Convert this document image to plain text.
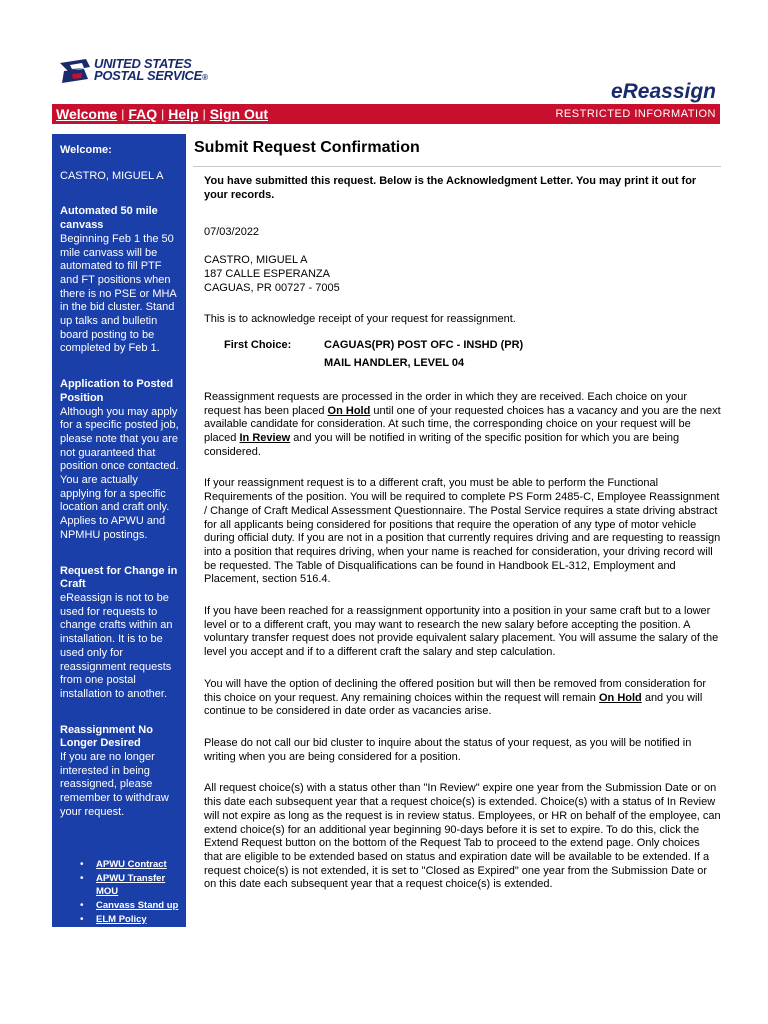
UNITED STATES
POSTAL SERVICE®
eReassign
Welcome | FAQ | Help | Sign Out	RESTRICTED INFORMATION
Welcome:
CASTRO, MIGUEL A
Automated 50 mile canvass
Beginning Feb 1 the 50 mile canvass will be automated to fill PTF and FT positions when there is no PSE or MHA in the bid cluster. Stand up talks and bulletin board posting to be completed by Feb 1.
Application to Posted Position
Although you may apply for a specific posted job, please note that you are not guaranteed that position once contacted. You are actually applying for a specific location and craft only. Applies to APWU and NPMHU postings.
Request for Change in Craft
eReassign is not to be used for requests to change crafts within an installation. It is to be used only for reassignment requests from one postal installation to another.
Reassignment No Longer Desired
If you are no longer interested in being reassigned, please remember to withdraw your request.
• APWU Contract
• APWU Transfer MOU
• Canvass Stand up
• ELM Policy
Submit Request Confirmation

You have submitted this request. Below is the Acknowledgment Letter. You may print it out for your records.

07/03/2022
CASTRO, MIGUEL A
187 CALLE ESPERANZA
CAGUAS, PR 00727 - 7005
This is to acknowledge receipt of your request for reassignment.
First Choice:	CAGUAS(PR) POST OFC - INSHD (PR)
MAIL HANDLER, LEVEL 04

Reassignment requests are processed in the order in which they are received. Each choice on your request has been placed On Hold until one of your requested choices has a vacancy and you are the next available candidate for consideration. At such time, the corresponding choice on your request will be placed In Review and you will be notified in writing of the specific position for which you are being considered.

If your reassignment request is to a different craft, you must be able to perform the Functional Requirements of the position. You will be required to complete PS Form 2485-C, Employee Reassignment / Change of Craft Medical Assessment Questionnaire. The Postal Service requires a state driving abstract for all applicants being considered for positions that require the operation of any type of motor vehicle during official duty. If you are not in a position that currently requires driving and are requesting to reassign into a position that requires driving, when your name is reached for consideration, your driving record will be requested. The Table of Disqualifications can be found in Handbook EL-312, Employment and Placement, section 516.4.

If you have been reached for a reassignment opportunity into a position in your same craft but to a lower level or to a different craft, you may want to research the new salary before accepting the position. A voluntary transfer request does not provide equivalent salary placement. You will assume the salary of the level you accept and if to a different craft the salary and step calculation.

You will have the option of declining the offered position but will then be removed from consideration for this choice on your request. Any remaining choices within the request will remain On Hold and you will continue to be considered in date order as vacancies arise.

Please do not call our bid cluster to inquire about the status of your request, as you will be notified in writing when you are being considered for a position.

All request choice(s) with a status other than "In Review" expire one year from the Submission Date or on this date each subsequent year that a request choice(s) is extended. Choice(s) with a status of In Review will not expire as long as the request is in review status. Employees, or HR on behalf of the employee, can extend choice(s) for an additional year beginning 90-days before it is set to expire. To do this, click the Extend Request button on the bottom of the Request Tab to proceed to the extend page. Only choices that are eligible to be extended based on status and expiration date will be available to be extended. If a request choice(s) is not extended, it is set to "Closed as Expired" one year from the Submission Date or on this date each subsequent year that a request choice(s) is extended.
